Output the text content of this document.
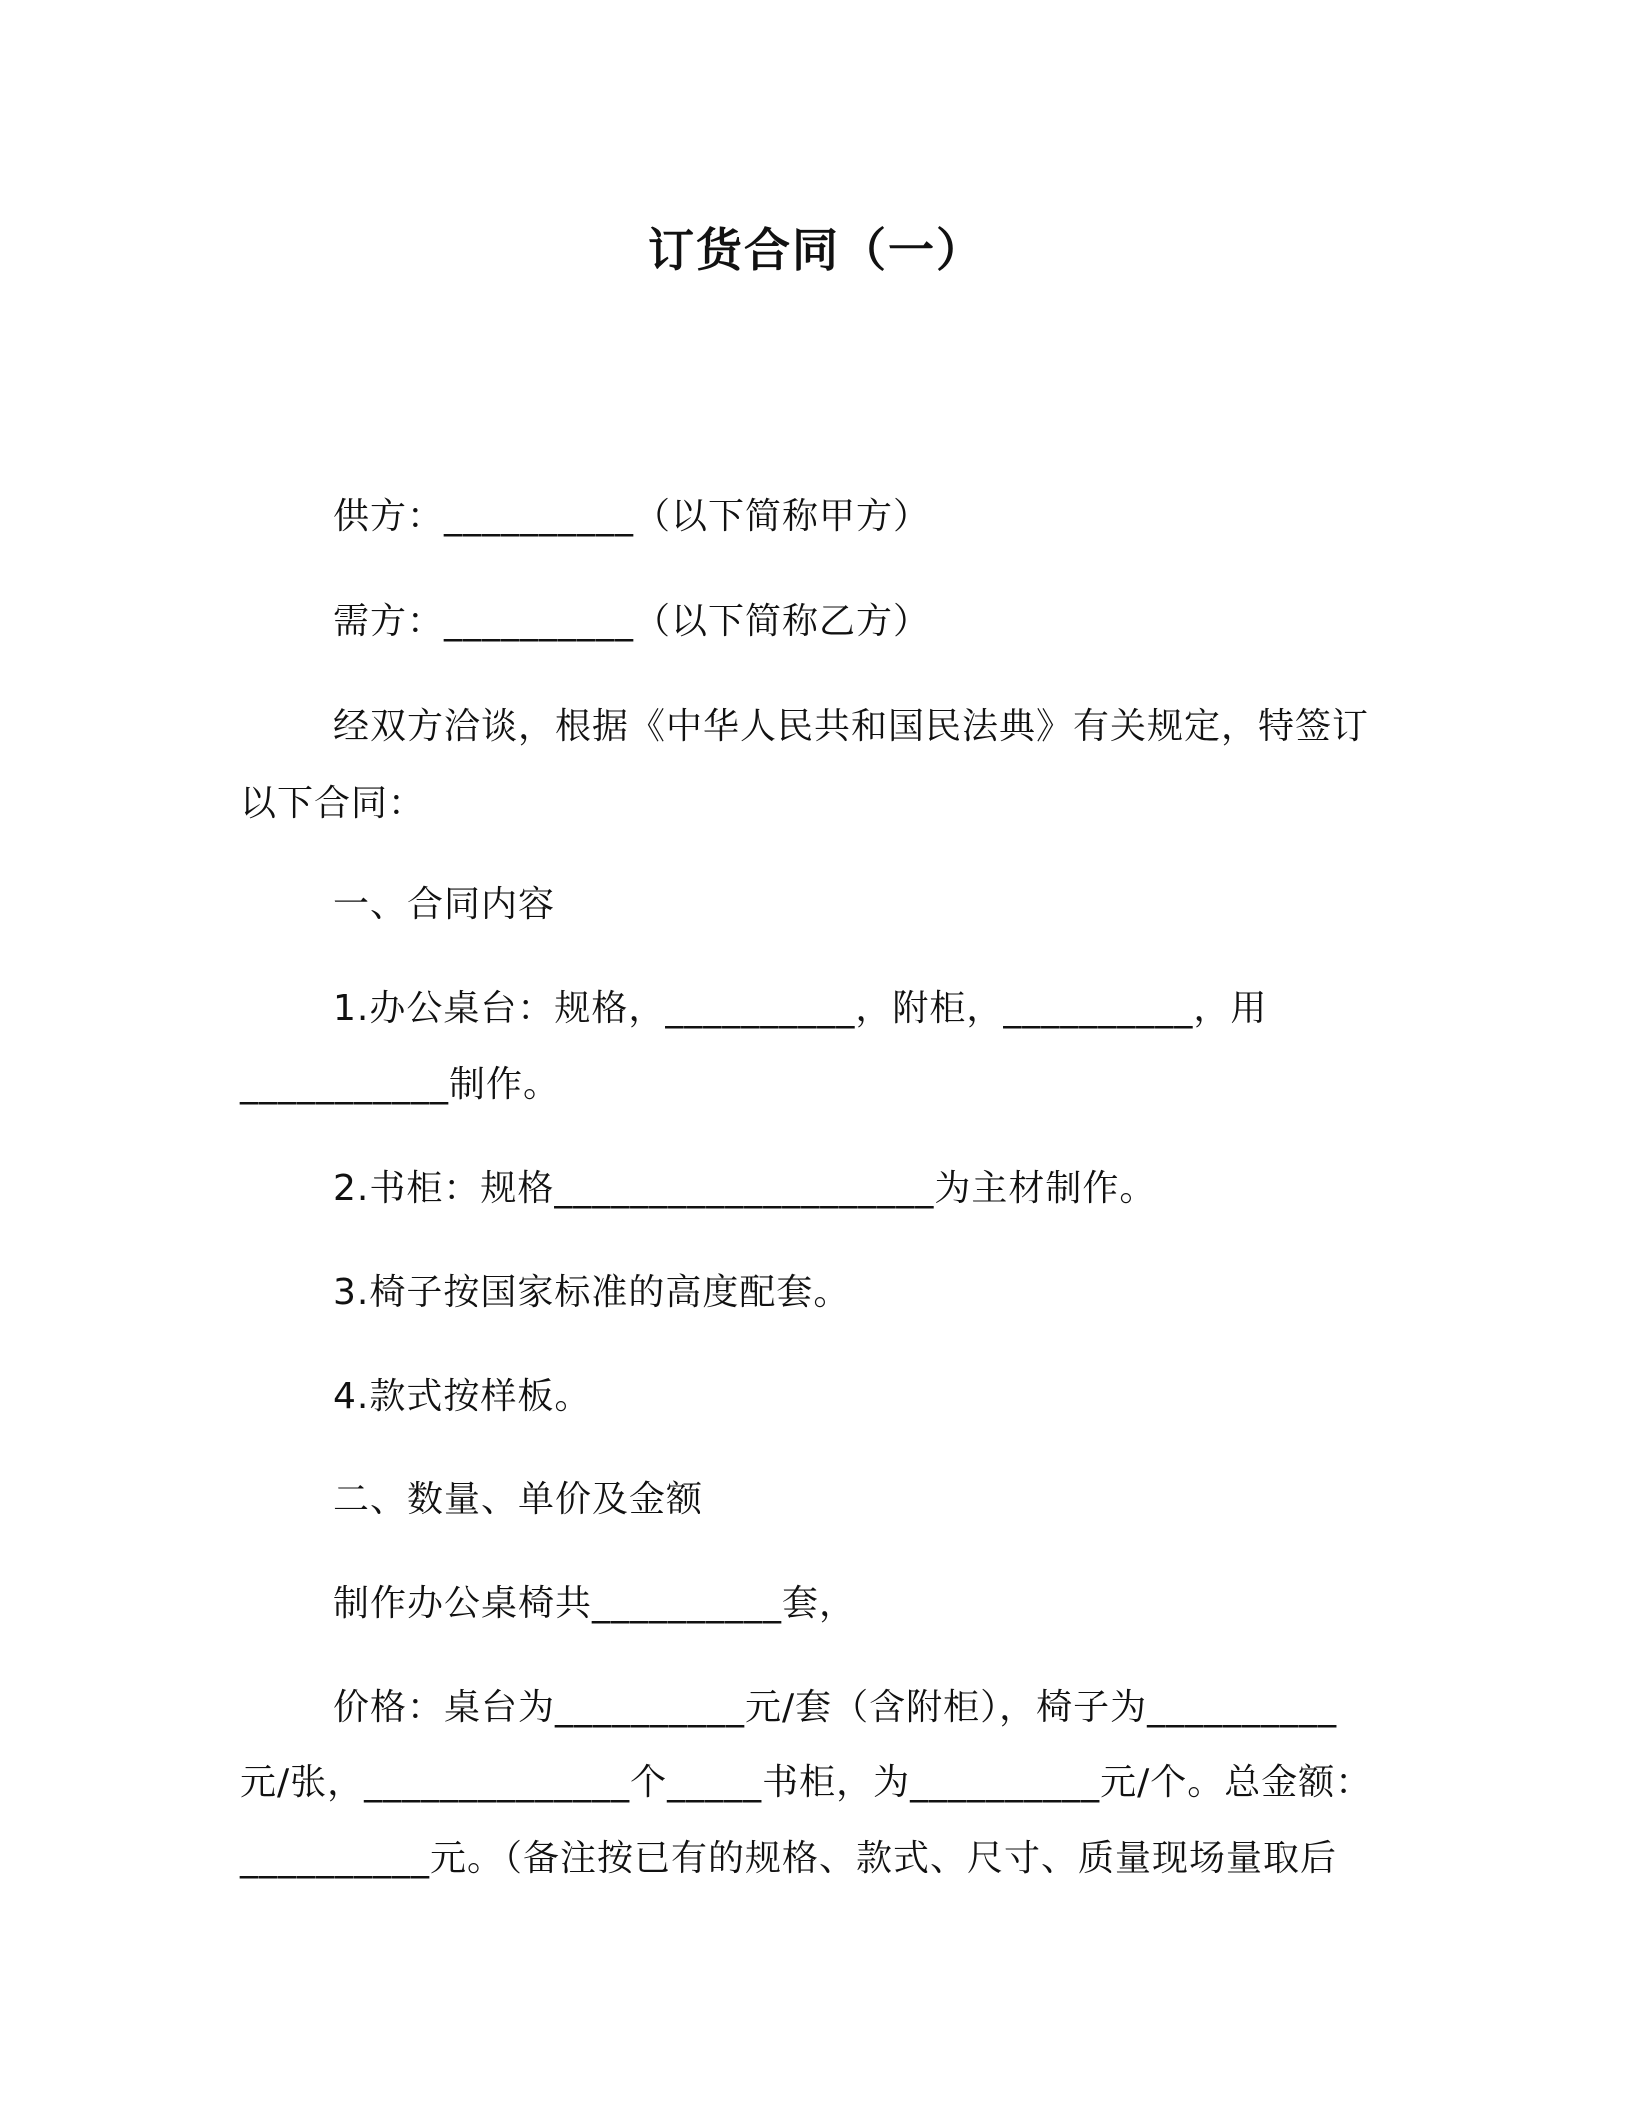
订货合同（一）
供方：__________（以下简称甲方）
需方：__________（以下简称乙方）
经双方洽谈，根据《中华人民共和国民法典》有关规定，特签订
以下合同：
一、合同内容
1.办公桌台：规格，__________，附柜，__________，用
___________制作。
2.书柜：规格____________________为主材制作。
3.椅子按国家标准的高度配套。
4.款式按样板。
二、数量、单价及金额
制作办公桌椅共__________套，
价格：桌台为__________元/套（含附柜），椅子为__________
元/张，______________个_____书柜，为__________元/个。总金额：
__________元。（备注按已有的规格、款式、尺寸、质量现场量取后
